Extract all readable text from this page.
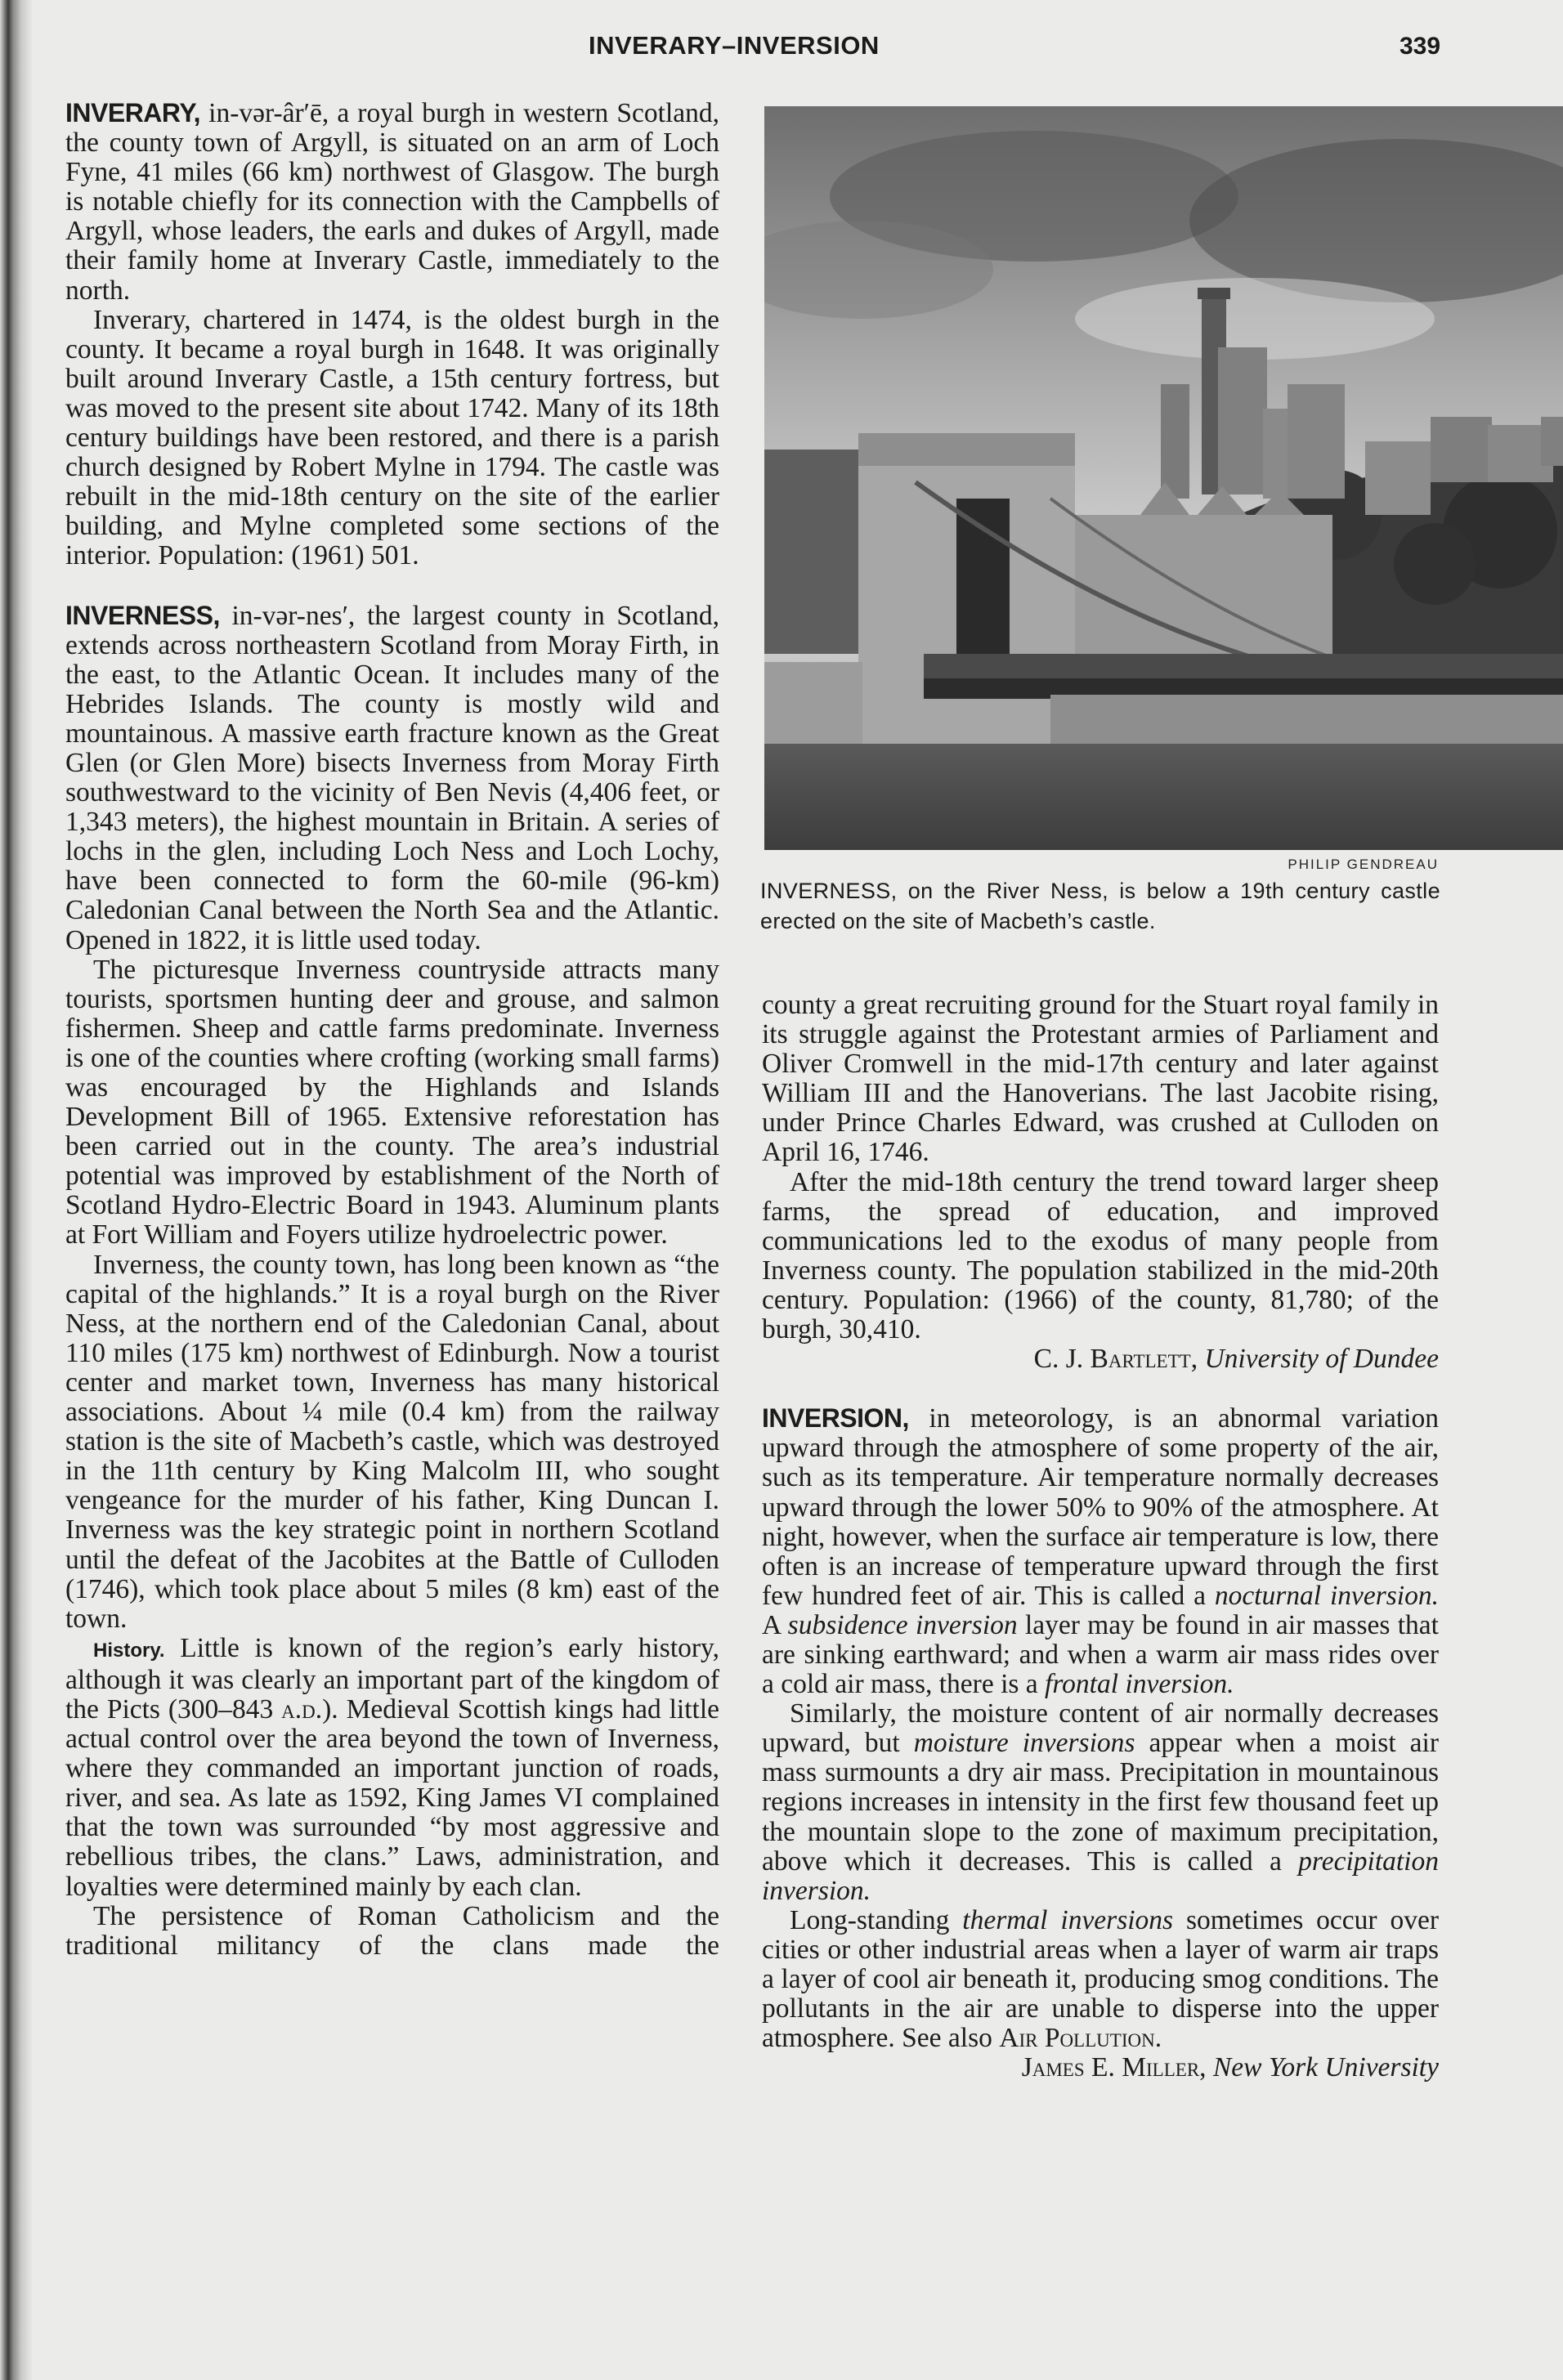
INVERARY–INVERSION	339

INVERARY, in-vər-âr′ē, a royal burgh in western Scotland, the county town of Argyll, is situated on an arm of Loch Fyne, 41 miles (66 km) northwest of Glasgow. The burgh is notable chiefly for its connection with the Campbells of Argyll, whose leaders, the earls and dukes of Argyll, made their family home at Inverary Castle, immediately to the north.

Inverary, chartered in 1474, is the oldest burgh in the county. It became a royal burgh in 1648. It was originally built around Inverary Castle, a 15th century fortress, but was moved to the present site about 1742. Many of its 18th century buildings have been restored, and there is a parish church designed by Robert Mylne in 1794. The castle was rebuilt in the mid-18th century on the site of the earlier building, and Mylne completed some sections of the interior. Population: (1961) 501.

INVERNESS, in-vər-nes′, the largest county in Scotland, extends across northeastern Scotland from Moray Firth, in the east, to the Atlantic Ocean. It includes many of the Hebrides Islands. The county is mostly wild and mountainous. A massive earth fracture known as the Great Glen (or Glen More) bisects Inverness from Moray Firth southwestward to the vicinity of Ben Nevis (4,406 feet, or 1,343 meters), the highest mountain in Britain. A series of lochs in the glen, including Loch Ness and Loch Lochy, have been connected to form the 60-mile (96-km) Caledonian Canal between the North Sea and the Atlantic. Opened in 1822, it is little used today.

The picturesque Inverness countryside attracts many tourists, sportsmen hunting deer and grouse, and salmon fishermen. Sheep and cattle farms predominate. Inverness is one of the counties where crofting (working small farms) was encouraged by the Highlands and Islands Development Bill of 1965. Extensive reforestation has been carried out in the county. The area’s industrial potential was improved by establishment of the North of Scotland Hydro-Electric Board in 1943. Aluminum plants at Fort William and Foyers utilize hydroelectric power.

Inverness, the county town, has long been known as “the capital of the highlands.” It is a royal burgh on the River Ness, at the northern end of the Caledonian Canal, about 110 miles (175 km) northwest of Edinburgh. Now a tourist center and market town, Inverness has many historical associations. About ¼ mile (0.4 km) from the railway station is the site of Macbeth’s castle, which was destroyed in the 11th century by King Malcolm III, who sought vengeance for the murder of his father, King Duncan I. Inverness was the key strategic point in northern Scotland until the defeat of the Jacobites at the Battle of Culloden (1746), which took place about 5 miles (8 km) east of the town.

History. Little is known of the region’s early history, although it was clearly an important part of the kingdom of the Picts (300–843 a.d.). Medieval Scottish kings had little actual control over the area beyond the town of Inverness, where they commanded an important junction of roads, river, and sea. As late as 1592, King James VI complained that the town was surrounded “by most aggressive and rebellious tribes, the clans.” Laws, administration, and loyalties were determined mainly by each clan.

The persistence of Roman Catholicism and the traditional militancy of the clans made the

PHILIP GENDREAU
INVERNESS, on the River Ness, is below a 19th century castle erected on the site of Macbeth’s castle.

county a great recruiting ground for the Stuart royal family in its struggle against the Protestant armies of Parliament and Oliver Cromwell in the mid-17th century and later against William III and the Hanoverians. The last Jacobite rising, under Prince Charles Edward, was crushed at Culloden on April 16, 1746.

After the mid-18th century the trend toward larger sheep farms, the spread of education, and improved communications led to the exodus of many people from Inverness county. The population stabilized in the mid-20th century. Population: (1966) of the county, 81,780; of the burgh, 30,410.

C. J. Bartlett, University of Dundee

INVERSION, in meteorology, is an abnormal variation upward through the atmosphere of some property of the air, such as its temperature. Air temperature normally decreases upward through the lower 50% to 90% of the atmosphere. At night, however, when the surface air temperature is low, there often is an increase of temperature upward through the first few hundred feet of air. This is called a nocturnal inversion. A subsidence inversion layer may be found in air masses that are sinking earthward; and when a warm air mass rides over a cold air mass, there is a frontal inversion.

Similarly, the moisture content of air normally decreases upward, but moisture inversions appear when a moist air mass surmounts a dry air mass. Precipitation in mountainous regions increases in intensity in the first few thousand feet up the mountain slope to the zone of maximum precipitation, above which it decreases. This is called a precipitation inversion.

Long-standing thermal inversions sometimes occur over cities or other industrial areas when a layer of warm air traps a layer of cool air beneath it, producing smog conditions. The pollutants in the air are unable to disperse into the upper atmosphere. See also Air Pollution.

James E. Miller, New York University
